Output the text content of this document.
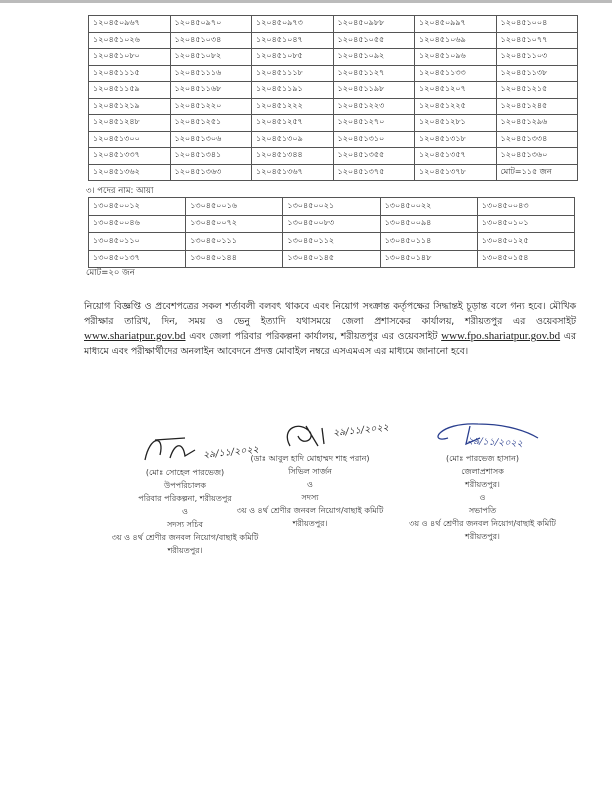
১২০৪৫০৯৬৭	১২০৪৫০৯৭০	১২০৪৫০৯৭৩	১২০৪৫০৯৮৮	১২০৪৫০৯৯৭	১২০৪৫১০০৪
১২০৪৫১০২৬	১২০৪৫১০৩৪	১২০৪৫১০৪৭	১২০৪৫১০৫৫	১২০৪৫১০৬৯	১২০৪৫১০৭৭
১২০৪৫১০৮০	১২০৪৫১০৮২	১২০৪৫১০৮৫	১২০৪৫১০৯২	১২০৪৫১০৯৬	১২০৪৫১১০৩
১২০৪৫১১১৫	১২০৪৫১১১৬	১২০৪৫১১১৮	১২০৪৫১১২৭	১২০৪৫১১৩৩	১২০৪৫১১৩৮
১২০৪৫১১৫৯	১২০৪৫১১৬৮	১২০৪৫১১৯১	১২০৪৫১১৯৮	১২০৪৫১২০৭	১২০৪৫১২১৫
১২০৪৫১২১৯	১২০৪৫১২২০	১২০৪৫১২২২	১২০৪৫১২২৩	১২০৪৫১২২৫	১২০৪৫১২৪৫
১২০৪৫১২৪৮	১২০৪৫১২৫১	১২০৪৫১২৫৭	১২০৪৫১২৭০	১২০৪৫১২৮১	১২০৪৫১২৯৬
১২০৪৫১৩০০	১২০৪৫১৩০৬	১২০৪৫১৩০৯	১২০৪৫১৩১০	১২০৪৫১৩১৮	১২০৪৫১৩৩৪
১২০৪৫১৩৩৭	১২০৪৫১৩৪১	১২০৪৫১৩৪৪	১২০৪৫১৩৫৫	১২০৪৫১৩৫৭	১২০৪৫১৩৬০
১২০৪৫১৩৬২	১২০৪৫১৩৬৩	১২০৪৫১৩৬৭	১২০৪৫১৩৭৫	১২০৪৫১৩৭৮	মোট=১১৫ জন
৩। পদের নাম: আয়া
১৩০৪৫০০১২	১৩০৪৫০০১৬	১৩০৪৫০০২১	১৩০৪৫০০২২	১৩০৪৫০০৪৩
১৩০৪৫০০৪৬	১৩০৪৫০০৭২	১৩০৪৫০০৮৩	১৩০৪৫০০৯৪	১৩০৪৫০১০১
১৩০৪৫০১১০	১৩০৪৫০১১১	১৩০৪৫০১১২	১৩০৪৫০১১৪	১৩০৪৫০১২৫
১৩০৪৫০১৩৭	১৩০৪৫০১৪৪	১৩০৪৫০১৪৫	১৩০৪৫০১৪৮	১৩০৪৫০১৫৪
মোট=২০ জন
নিয়োগ বিজ্ঞপ্তি ও প্রবেশপত্রের সকল শর্তাবলী বলবৎ থাকবে এবং নিয়োগ সংক্রান্ত কর্তৃপক্ষের সিদ্ধান্তই চূড়ান্ত বলে গন্য হবে। মৌখিক পরীক্ষার তারিখ, দিন, সময় ও ভেনু ইত্যাদি যথাসময়ে জেলা প্রশাসকের কার্যালয়, শরীয়তপুর এর ওয়েবসাইট www.shariatpur.gov.bd এবং জেলা পরিবার পরিকল্পনা কার্যালয়, শরীয়তপুর এর ওয়েবসাইট www.fpo.shariatpur.gov.bd এর মাধ্যমে এবং পরীক্ষার্থীদের অনলাইন আবেদনে প্রদত্ত মোবাইল নম্বরে এসএমএস এর মাধ্যমে জানানো হবে।
২৯/১১/২০২২
(মোঃ সোহেল পারভেজ)
উপপরিচালক
পরিবার পরিকল্পনা, শরীয়তপুর
ও
সদস্য সচিব
৩য় ও ৪র্থ শ্রেণীর জনবল নিয়োগ/বাছাই কমিটি
শরীয়তপুর।
২৯/১১/২০২২
(ডাঃ আবুল হাদি মোহাম্মদ শাহ পরান)
সিভিল সার্জন
ও
সদস্য
৩য় ও ৪র্থ শ্রেণীর জনবল নিয়োগ/বাছাই কমিটি
শরীয়তপুর।
২৯/১১/২০২২
(মোঃ পারভেজ হাসান)
জেলাপ্রশাসক
শরীয়তপুর।
ও
সভাপতি
৩য় ও ৪র্থ শ্রেণীর জনবল নিয়োগ/বাছাই কমিটি
শরীয়তপুর।
